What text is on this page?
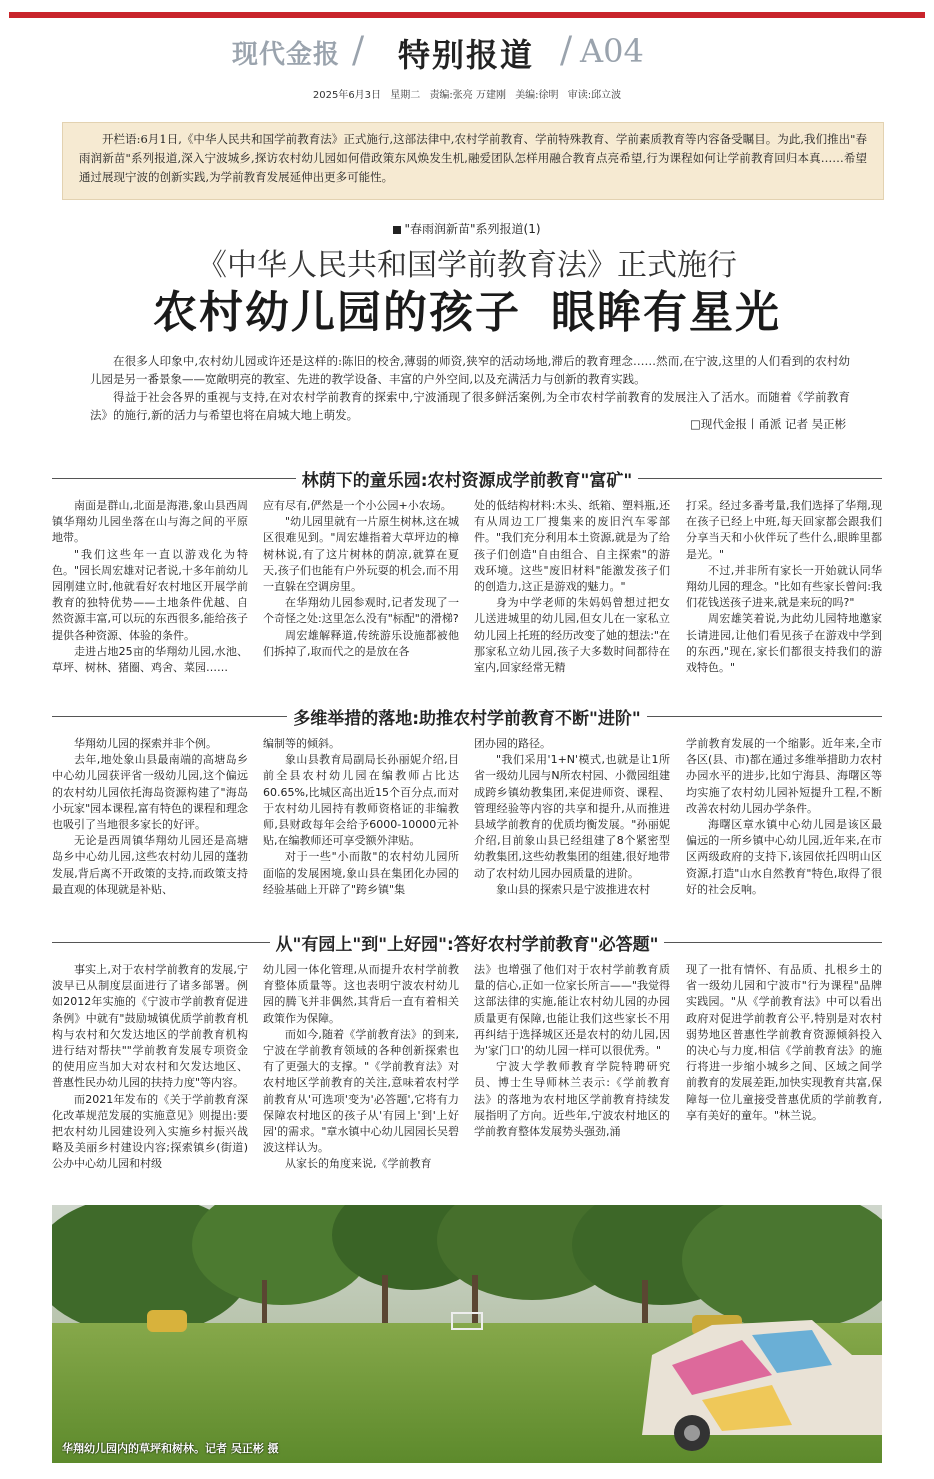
现代金报 / 特别报道 / A04
2025年6月3日 星期二 责编:张亮 万建刚 美编:徐明 审读:邱立波
开栏语:6月1日,《中华人民共和国学前教育法》正式施行,这部法律中,农村学前教育、学前特殊教育、学前素质教育等内容备受瞩目。为此,我们推出"春雨润新苗"系列报道,深入宁波城乡,探访农村幼儿园如何借政策东风焕发生机,融爱团队怎样用融合教育点亮希望,行为课程如何让学前教育回归本真……希望通过展现宁波的创新实践,为学前教育发展延伸出更多可能性。
"春雨润新苗"系列报道(1)
《中华人民共和国学前教育法》正式施行
农村幼儿园的孩子 眼眸有星光

在很多人印象中,农村幼儿园或许还是这样的:陈旧的校舍,薄弱的师资,狭窄的活动场地,滞后的教育理念……然而,在宁波,这里的人们看到的农村幼儿园是另一番景象——宽敞明亮的教室、先进的教学设备、丰富的户外空间,以及充满活力与创新的教育实践。

得益于社会各界的重视与支持,在对农村学前教育的探索中,宁波涌现了很多鲜活案例,为全市农村学前教育的发展注入了活水。而随着《学前教育法》的施行,新的活力与希望也将在肩城大地上萌发。

□现代金报丨甬派 记者 吴正彬
林荫下的童乐园:农村资源成学前教育"富矿"

南面是群山,北面是海港,象山县西周镇华翔幼儿园坐落在山与海之间的平原地带。

"我们这些年一直以游戏化为特色。"园长周宏雄对记者说,十多年前幼儿园刚建立时,他就看好农村地区开展学前教育的独特优势——土地条件优越、自然资源丰富,可以玩的东西很多,能给孩子提供各种资源、体验的条件。

走进占地25亩的华翔幼儿园,水池、草坪、树林、猪圈、鸡舍、菜园……

应有尽有,俨然是一个小公园+小农场。

"幼儿园里就有一片原生树林,这在城区很难见到。"周宏雄指着大草坪边的樟树林说,有了这片树林的荫凉,就算在夏天,孩子们也能有户外玩耍的机会,而不用一直躲在空调房里。

在华翔幼儿园参观时,记者发现了一个奇怪之处:这里怎么没有"标配"的滑梯?

周宏雄解释道,传统游乐设施都被他们拆掉了,取而代之的是放在各

处的低结构材料:木头、纸箱、塑料瓶,还有从周边工厂搜集来的废旧汽车零部件。"我们充分利用本土资源,就是为了给孩子们创造"自由组合、自主探索"的游戏环境。这些"废旧材料"能激发孩子们的创造力,这正是游戏的魅力。"

身为中学老师的朱妈妈曾想过把女儿送进城里的幼儿园,但女儿在一家私立幼儿园上托班的经历改变了她的想法:"在那家私立幼儿园,孩子大多数时间都待在室内,回家经常无精

打采。经过多番考量,我们选择了华翔,现在孩子已经上中班,每天回家都会跟我们分享当天和小伙伴玩了些什么,眼眸里都是光。"

不过,并非所有家长一开始就认同华翔幼儿园的理念。"比如有些家长曾问:我们花钱送孩子进来,就是来玩的吗?"

周宏雄笑着说,为此幼儿园特地邀家长请进园,让他们看见孩子在游戏中学到的东西,"现在,家长们都很支持我们的游戏特色。"

多维举措的落地:助推农村学前教育不断"进阶"

华翔幼儿园的探索并非个例。

去年,地处象山县最南端的高塘岛乡中心幼儿园获评省一级幼儿园,这个偏远的农村幼儿园依托海岛资源构建了"海岛小玩家"园本课程,富有特色的课程和理念也吸引了当地很多家长的好评。

无论是西周镇华翔幼儿园还是高塘岛乡中心幼儿园,这些农村幼儿园的蓬勃发展,背后离不开政策的支持,而政策支持最直观的体现就是补贴、

编制等的倾斜。

象山县教育局副局长孙丽妮介绍,目前全县农村幼儿园在编教师占比达60.65%,比城区高出近15个百分点,而对于农村幼儿园持有教师资格证的非编教师,县财政每年会给予6000-10000元补贴,在编教师还可享受额外津贴。

对于一些"小而散"的农村幼儿园所面临的发展困境,象山县在集团化办园的经验基础上开辟了"跨乡镇"集

团办园的路径。

"我们采用'1+N'模式,也就是让1所省一级幼儿园与N所农村园、小微园组建成跨乡镇幼教集团,来促进师资、课程、管理经验等内容的共享和提升,从而推进县域学前教育的优质均衡发展。"孙丽妮介绍,目前象山县已经组建了8个紧密型幼教集团,这些幼教集团的组建,很好地带动了农村幼儿园办园质量的进阶。

象山县的探索只是宁波推进农村

学前教育发展的一个缩影。近年来,全市各区(县、市)都在通过多维举措助力农村办园水平的进步,比如宁海县、海曙区等均实施了农村幼儿园补短提升工程,不断改善农村幼儿园办学条件。

海曙区章水镇中心幼儿园是该区最偏远的一所乡镇中心幼儿园,近年来,在市区两级政府的支持下,该园依托四明山区资源,打造"山水自然教育"特色,取得了很好的社会反响。

从"有园上"到"上好园":答好农村学前教育"必答题"

事实上,对于农村学前教育的发展,宁波早已从制度层面进行了诸多部署。例如2012年实施的《宁波市学前教育促进条例》中就有"鼓励城镇优质学前教育机构与农村和欠发达地区的学前教育机构进行结对帮扶""学前教育发展专项资金的使用应当加大对农村和欠发达地区、普惠性民办幼儿园的扶持力度"等内容。

而2021年发布的《关于学前教育深化改革规范发展的实施意见》则提出:要把农村幼儿园建设列入实施乡村振兴战略及美丽乡村建设内容;探索镇乡(街道)公办中心幼儿园和村级

幼儿园一体化管理,从而提升农村学前教育整体质量等。这也表明宁波农村幼儿园的腾飞并非偶然,其背后一直有着相关政策作为保障。

而如今,随着《学前教育法》的到来,宁波在学前教育领域的各种创新探索也有了更强大的支撑。"《学前教育法》对农村地区学前教育的关注,意味着农村学前教育从'可选项'变为'必答题',它将有力保障农村地区的孩子从'有园上'到'上好园'的需求。"章水镇中心幼儿园园长吴碧波这样认为。

从家长的角度来说,《学前教育

法》也增强了他们对于农村学前教育质量的信心,正如一位家长所言——"我觉得这部法律的实施,能让农村幼儿园的办园质量更有保障,也能让我们这些家长不用再纠结于选择城区还是农村的幼儿园,因为'家门口'的幼儿园一样可以很优秀。"

宁波大学教师教育学院特聘研究员、博士生导师林兰表示:《学前教育法》的落地为农村地区学前教育持续发展指明了方向。近些年,宁波农村地区的学前教育整体发展势头强劲,涌

现了一批有情怀、有品质、扎根乡土的省一级幼儿园和宁波市"行为课程"品牌实践园。"从《学前教育法》中可以看出政府对促进学前教育公平,特别是对农村弱势地区普惠性学前教育资源倾斜投入的决心与力度,相信《学前教育法》的施行将进一步缩小城乡之间、区域之间学前教育的发展差距,加快实现教育共富,保障每一位儿童接受普惠优质的学前教育,享有美好的童年。"林兰说。

华翔幼儿园内的草坪和树林。记者 吴正彬 摄
